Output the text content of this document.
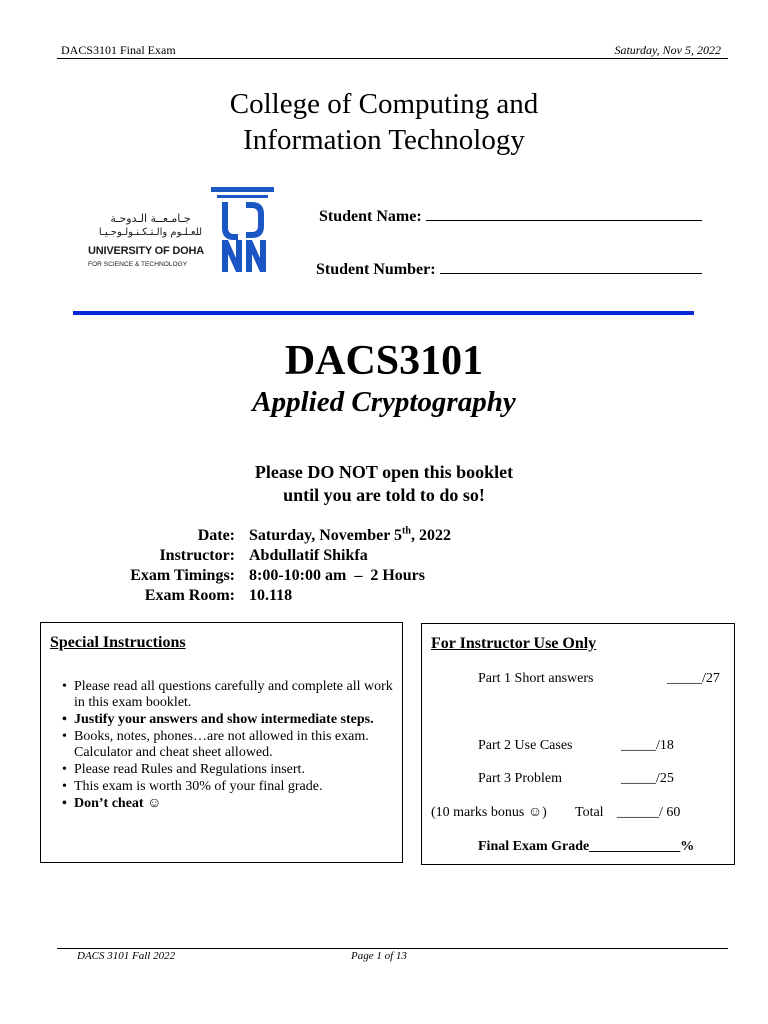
DACS3101 Final Exam	Saturday, Nov 5, 2022
College of Computing and
Information Technology
جـامـعــة الـدوحـة
للعـلـوم والـتـكـنـولـوجـيـا
UNIVERSITY OF DOHA
FOR SCIENCE & TECHNOLOGY
Student Name:
Student Number:
DACS3101
Applied Cryptography
Please DO NOT open this booklet
until you are told to do so!
Date: Saturday, November 5th, 2022
Instructor: Abdullatif Shikfa
Exam Timings: 8:00-10:00 am  –  2 Hours
Exam Room: 10.118
Special Instructions
• Please read all questions carefully and complete all work in this exam booklet.
• Justify your answers and show intermediate steps.
• Books, notes, phones…are not allowed in this exam. Calculator and cheat sheet allowed.
• Please read Rules and Regulations insert.
• This exam is worth 30% of your final grade.
• Don’t cheat ☺
For Instructor Use Only
Part 1 Short answers	_____/27
Part 2 Use Cases	_____/18
Part 3 Problem	_____/25
(10 marks bonus ☺) Total ______/ 60
Final Exam Grade_____________%
DACS 3101 Fall 2022	Page 1 of 13
